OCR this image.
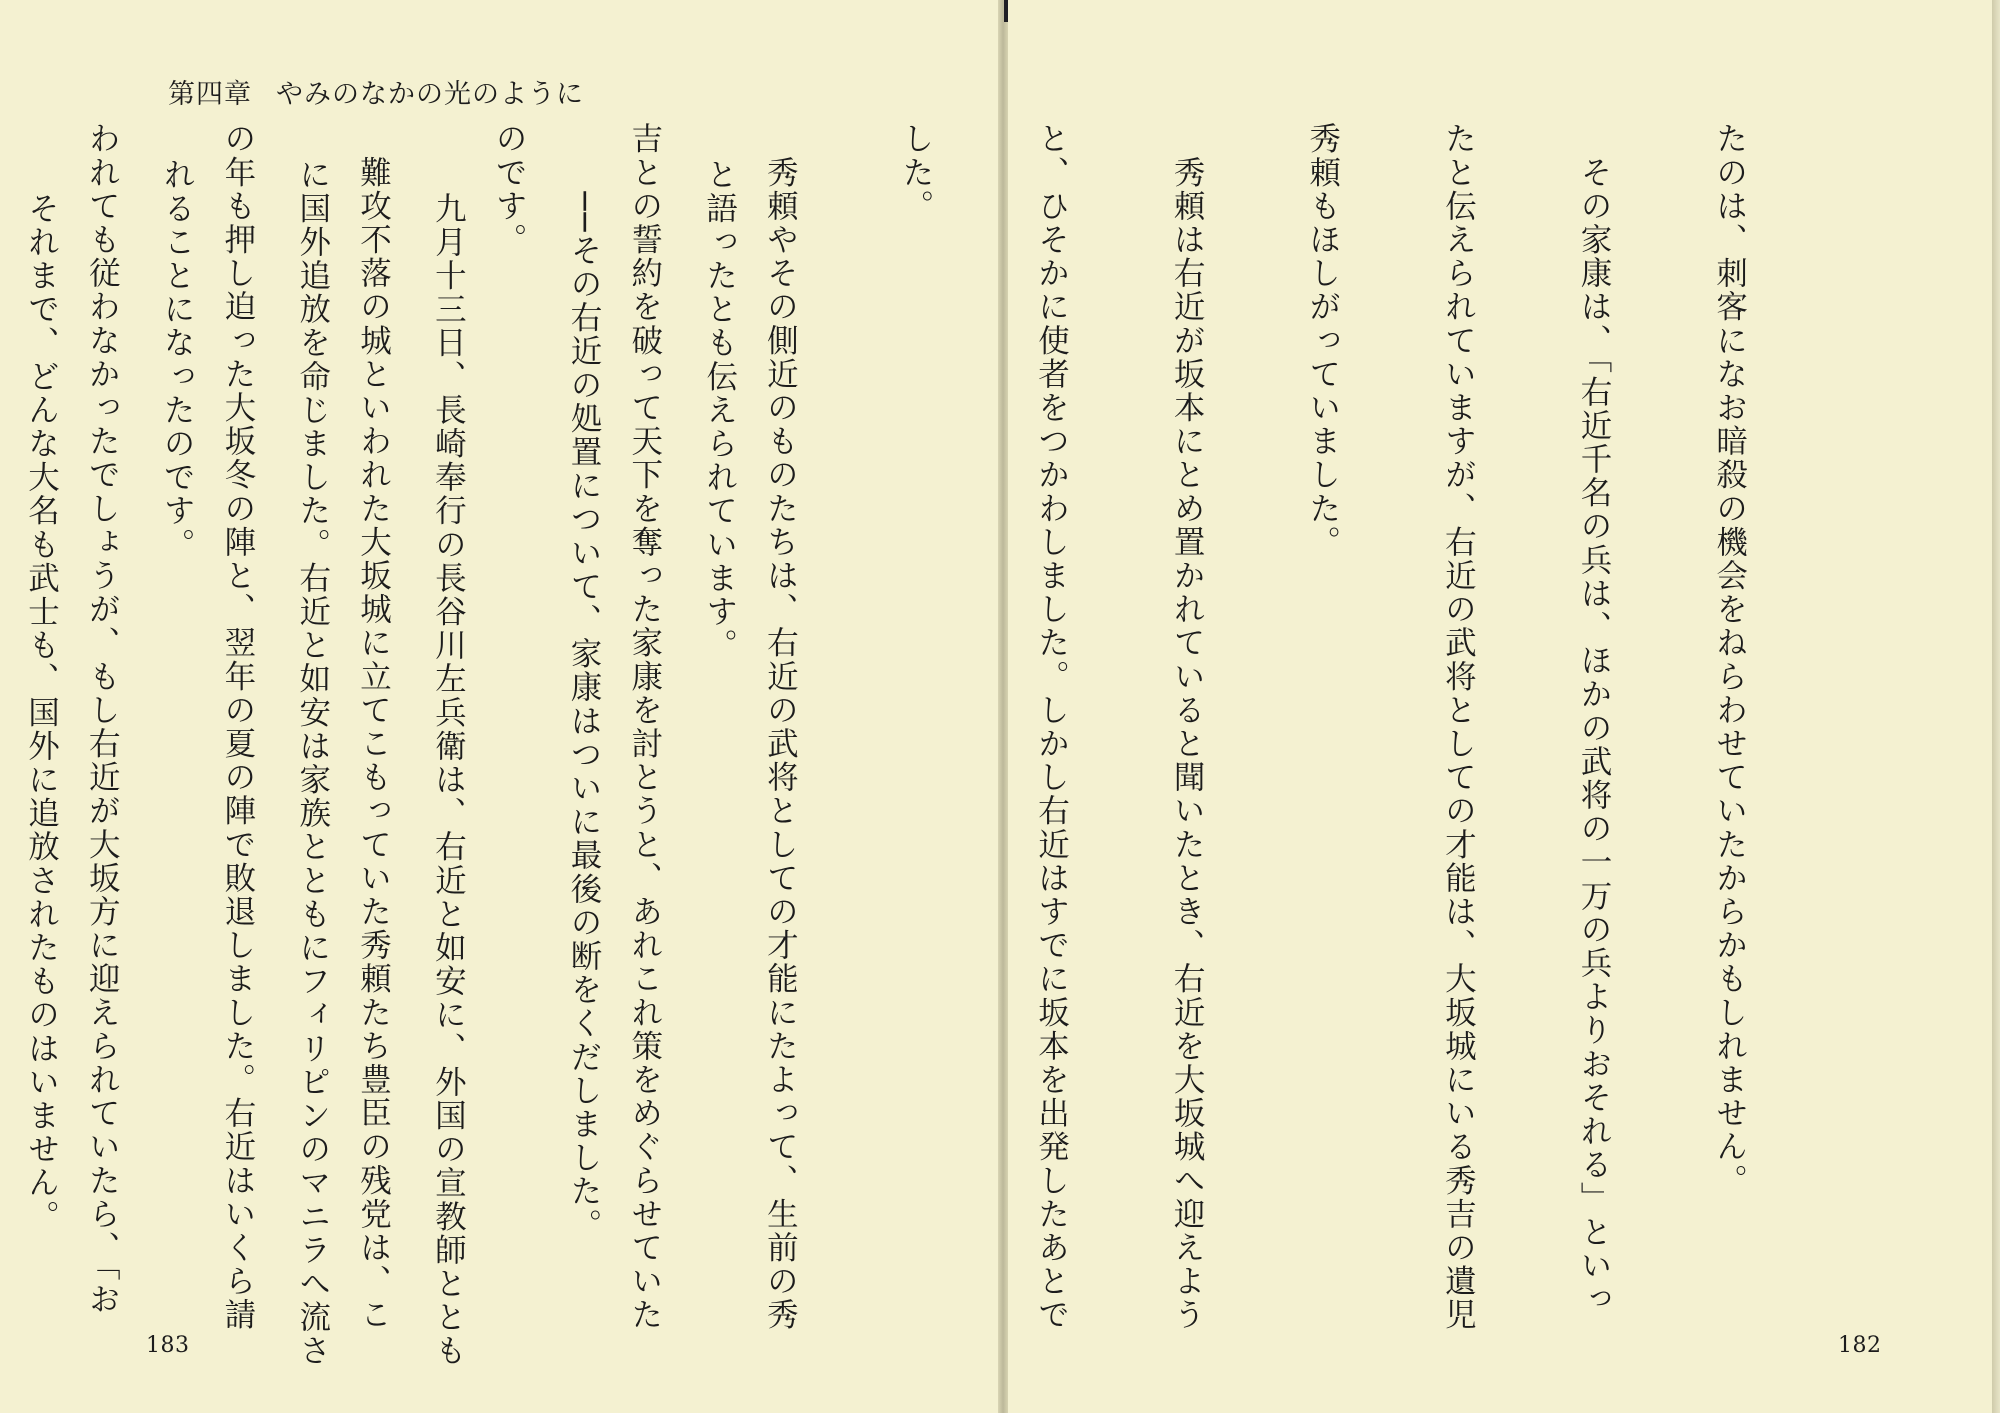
第四章 やみのなかの光のように

と語ったとも伝えられています。

　──その右近の処置について、家康はついに最後の断をくだしました。

　九月十三日、長崎奉行の長谷川左兵衛は、右近と如安に、外国の宣教師ととも

に国外追放を命じました。右近と如安は家族とともにフィリピンのマニラへ流さ

れることになったのです。

　それまで、どんな大名も武士も、国外に追放されたものはいません。

183

たのは、刺客になお暗殺の機会をねらわせていたからかもしれません。

　その家康は、「右近千名の兵は、ほかの武将の一万の兵よりおそれる」といっ

たと伝えられていますが、右近の武将としての才能は、大坂城にいる秀吉の遺児

秀頼もほしがっていました。

　秀頼は右近が坂本にとめ置かれていると聞いたとき、右近を大坂城へ迎えよう

と、ひそかに使者をつかわしました。しかし右近はすでに坂本を出発したあとで

した。

　秀頼やその側近のものたちは、右近の武将としての才能にたよって、生前の秀

吉との誓約を破って天下を奪った家康を討とうと、あれこれ策をめぐらせていた

のです。

　難攻不落の城といわれた大坂城に立てこもっていた秀頼たち豊臣の残党は、こ

の年も押し迫った大坂冬の陣と、翌年の夏の陣で敗退しました。右近はいくら請

われても従わなかったでしょうが、もし右近が大坂方に迎えられていたら、「お

182
